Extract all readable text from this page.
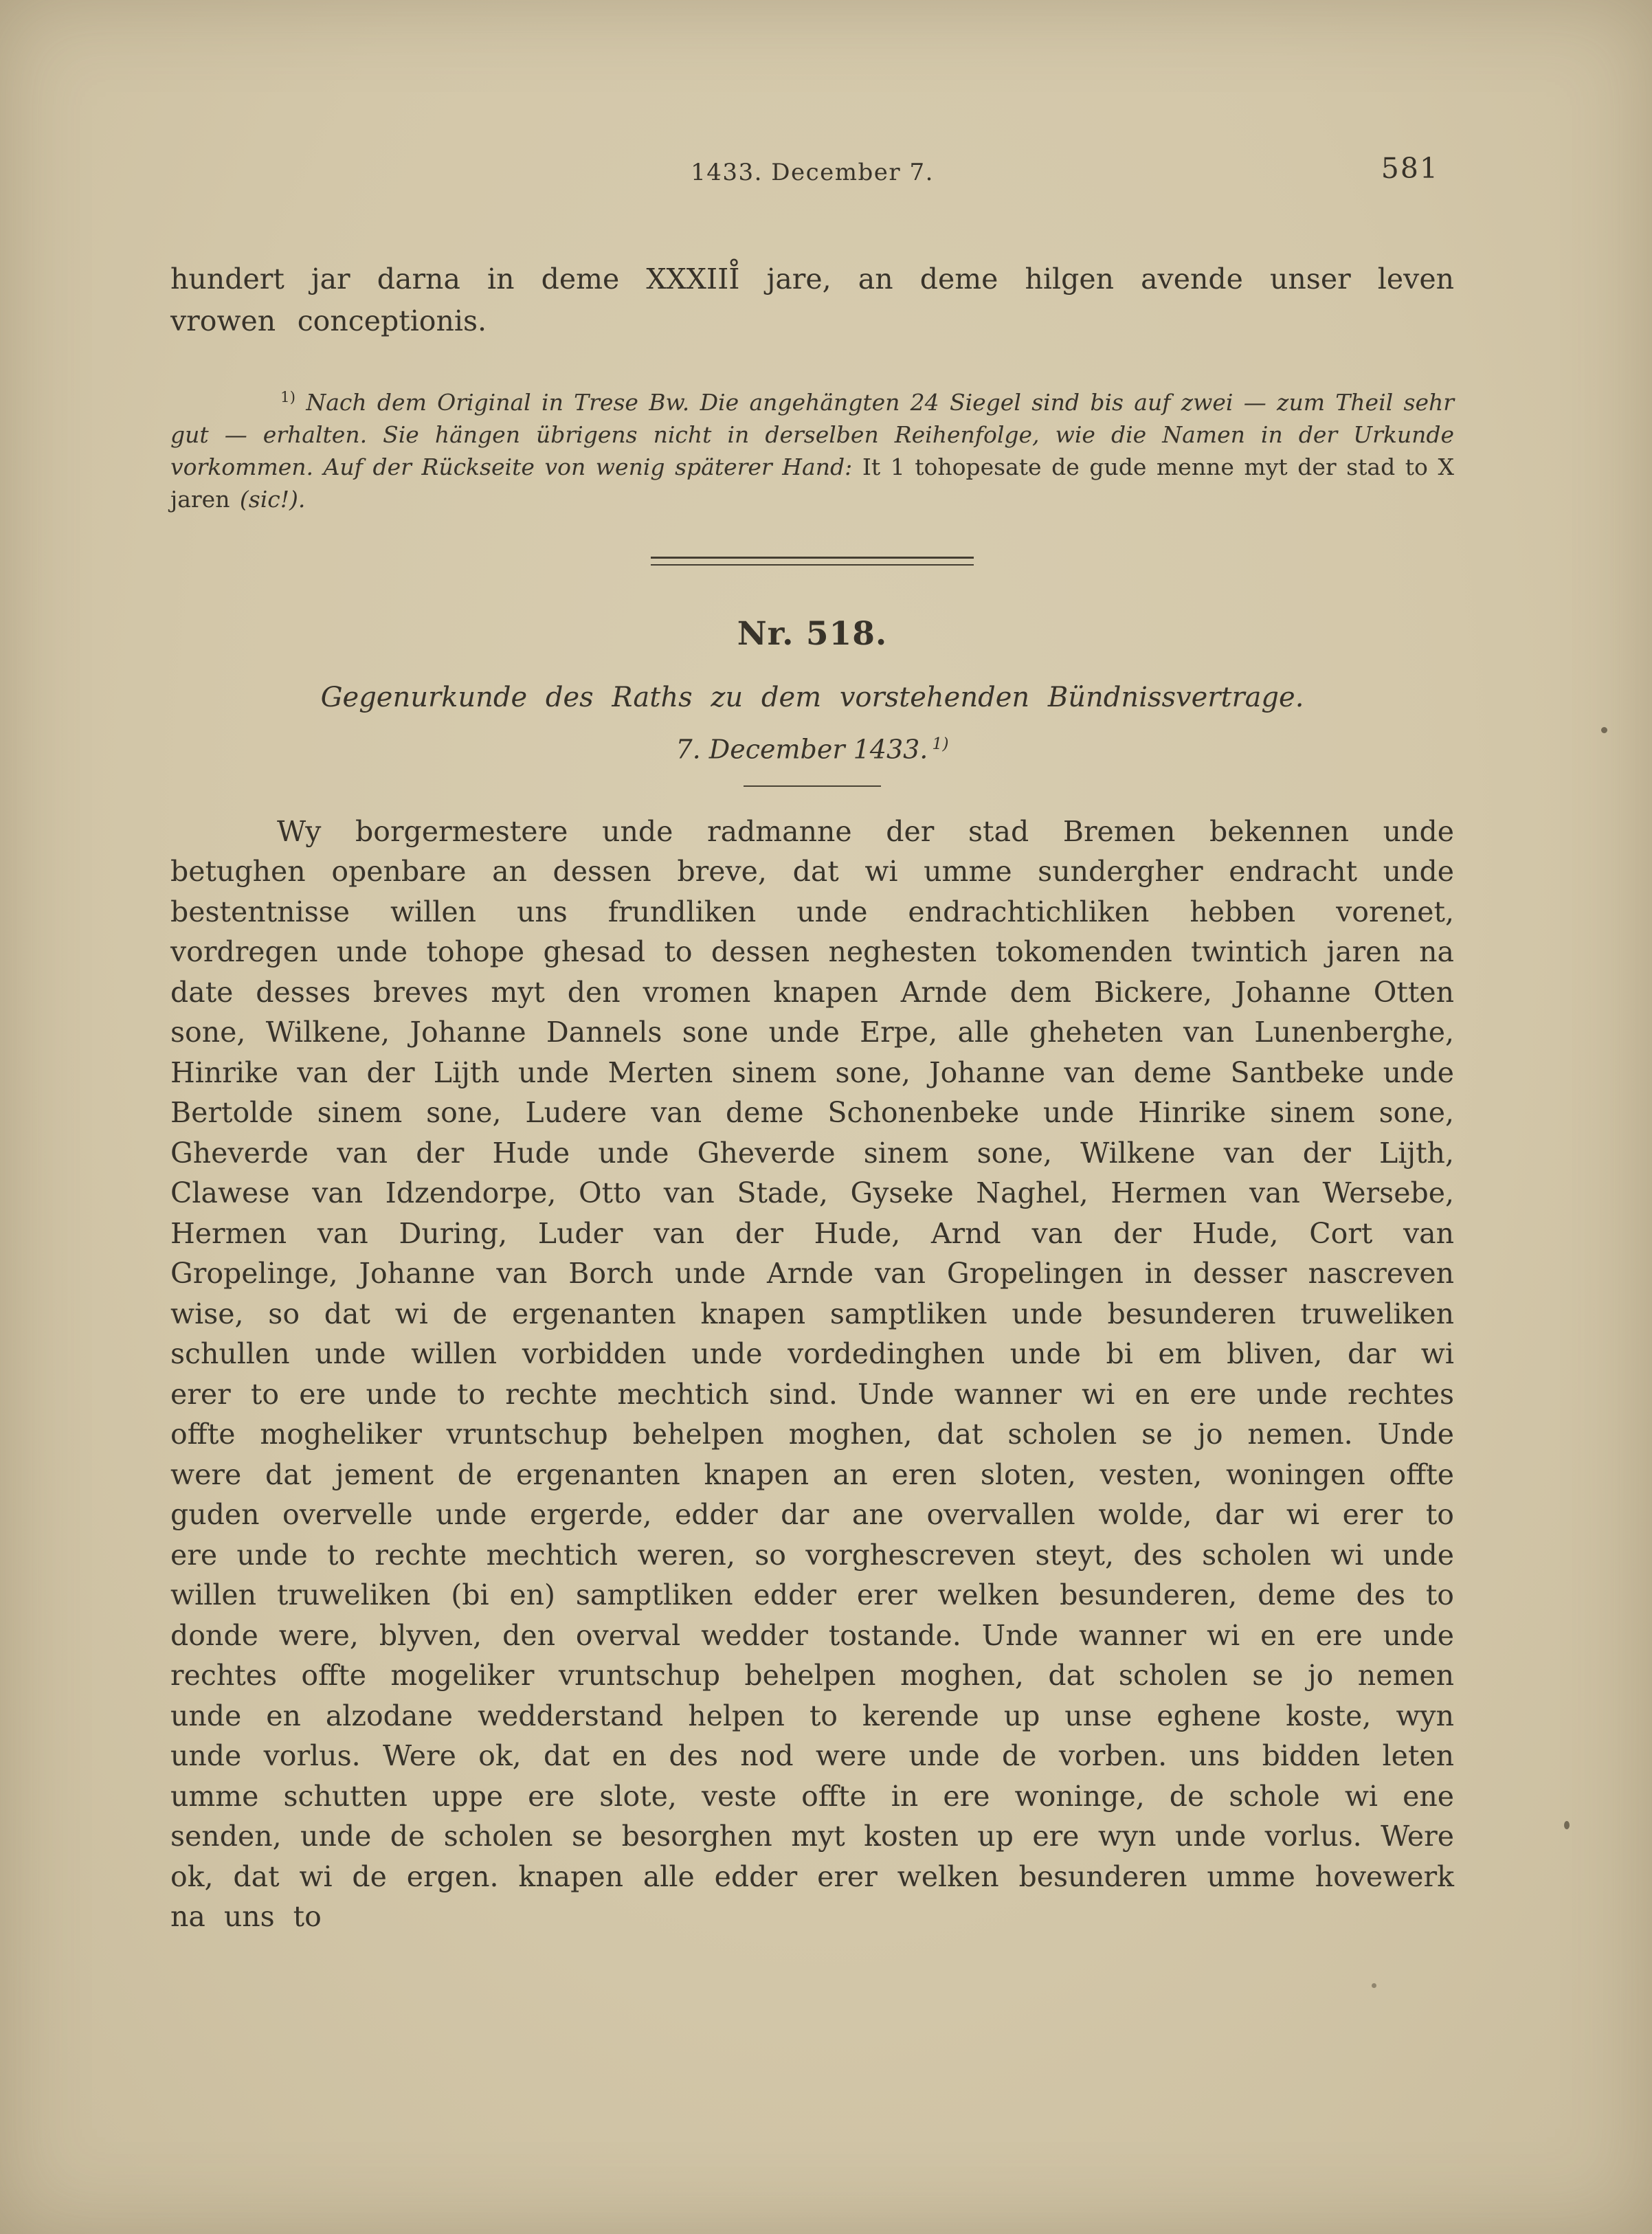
1433. December 7.	581

hundert jar darna in deme XXXIII̊ jare, an deme hilgen avende unser leven vrowen conceptionis.

$^{1)}$ Nach dem Original in Trese Bw. Die angehängten 24 Siegel sind bis auf zwei — zum Theil sehr gut — erhalten. Sie hängen übrigens nicht in derselben Reihenfolge, wie die Namen in der Urkunde vorkommen. Auf der Rückseite von wenig späterer Hand: It 1 tohopesate de gude menne myt der stad to X jaren (sic!).

Nr. 518.

Gegenurkunde des Raths zu dem vorstehenden Bündnissvertrage.

7. December 1433. $^{1)}$

Wy borgermestere unde radmanne der stad Bremen bekennen unde betughen openbare an dessen breve, dat wi umme sundergher endracht unde bestentnisse willen uns frundliken unde endrachtichliken hebben vorenet, vordregen unde tohope ghesad to dessen neghesten tokomenden twintich jaren na date desses breves myt den vromen knapen Arnde dem Bickere, Johanne Otten sone, Wilkene, Johanne Dannels sone unde Erpe, alle gheheten van Lunenberghe, Hinrike van der Lijth unde Merten sinem sone, Johanne van deme Santbeke unde Bertolde sinem sone, Ludere van deme Schonenbeke unde Hinrike sinem sone, Gheverde van der Hude unde Gheverde sinem sone, Wilkene van der Lijth, Clawese van Idzendorpe, Otto van Stade, Gyseke Naghel, Hermen van Wersebe, Hermen van During, Luder van der Hude, Arnd van der Hude, Cort van Gropelinge, Johanne van Borch unde Arnde van Gropelingen in desser nascreven wise, so dat wi de ergenanten knapen samptliken unde besunderen truweliken schullen unde willen vorbidden unde vordedinghen unde bi em bliven, dar wi erer to ere unde to rechte mechtich sind. Unde wanner wi en ere unde rechtes offte mogheliker vruntschup behelpen moghen, dat scholen se jo nemen. Unde were dat jement de ergenanten knapen an eren sloten, vesten, woningen offte guden overvelle unde ergerde, edder dar ane overvallen wolde, dar wi erer to ere unde to rechte mechtich weren, so vorghescreven steyt, des scholen wi unde willen truweliken (bi en) samptliken edder erer welken besunderen, deme des to donde were, blyven, den overval wedder tostande. Unde wanner wi en ere unde rechtes offte mogeliker vruntschup behelpen moghen, dat scholen se jo nemen unde en alzodane wedderstand helpen to kerende up unse eghene koste, wyn unde vorlus. Were ok, dat en des nod were unde de vorben. uns bidden leten umme schutten uppe ere slote, veste offte in ere woninge, de schole wi ene senden, unde de scholen se besorghen myt kosten up ere wyn unde vorlus. Were ok, dat wi de ergen. knapen alle edder erer welken besunderen umme hovewerk na uns to
